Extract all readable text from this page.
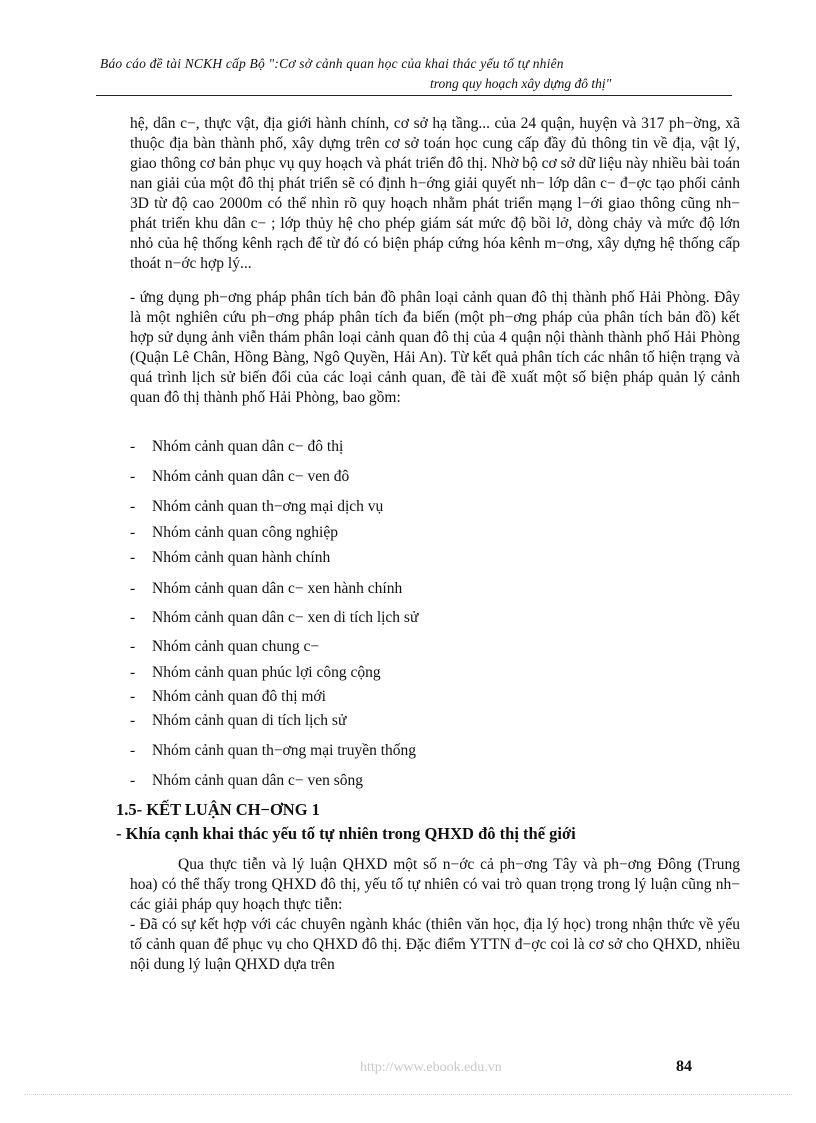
Báo cáo đề tài NCKH cấp Bộ ":Cơ sở cảnh quan học của khai thác yếu tố tự nhiên
trong quy hoạch xây dựng đô thị"

hệ, dân c−, thực vật, địa giới hành chính, cơ sở hạ tầng... của 24 quận, huyện và 317 ph−ờng, xã thuộc địa bàn thành phố, xây dựng trên cơ sở toán học cung cấp đầy đủ thông tin về địa, vật lý, giao thông cơ bản phục vụ quy hoạch và phát triển đô thị. Nhờ bộ cơ sở dữ liệu này nhiều bài toán nan giải của một đô thị phát triển sẽ có định h−ớng giải quyết nh− lớp dân c− đ−ợc tạo phối cảnh 3D từ độ cao 2000m có thể nhìn rõ quy hoạch nhằm phát triển mạng l−ới giao thông cũng nh− phát triển khu dân c− ; lớp thủy hệ cho phép giám sát mức độ bồi lở, dòng chảy và mức độ lớn nhỏ của hệ thống kênh rạch để từ đó có biện pháp cứng hóa kênh m−ơng, xây dựng hệ thống cấp thoát n−ớc hợp lý...

- ứng dụng ph−ơng pháp phân tích bản đồ phân loại cảnh quan đô thị thành phố Hải Phòng. Đây là một nghiên cứu ph−ơng pháp phân tích đa biến (một ph−ơng pháp của phân tích bản đồ) kết hợp sử dụng ảnh viễn thám phân loại cảnh quan đô thị của 4 quận nội thành thành phố Hải Phòng (Quận Lê Chân, Hồng Bàng, Ngô Quyền, Hải An). Từ kết quả phân tích các nhân tố hiện trạng và quá trình lịch sử biến đổi của các loại cảnh quan, đề tài đề xuất một số biện pháp quản lý cảnh quan đô thị thành phố Hải Phòng, bao gồm:

-	Nhóm cảnh quan dân c− đô thị
-	Nhóm cảnh quan dân c− ven đô
-	Nhóm cảnh quan th−ơng mại dịch vụ
-	Nhóm cảnh quan công nghiệp
-	Nhóm cảnh quan hành chính
-	Nhóm cảnh quan dân c− xen hành chính
-	Nhóm cảnh quan dân c− xen di tích lịch sử
-	Nhóm cảnh quan chung c−
-	Nhóm cảnh quan phúc lợi công cộng
-	Nhóm cảnh quan đô thị mới
-	Nhóm cảnh quan di tích lịch sử
-	Nhóm cảnh quan th−ơng mại truyền thống
-	Nhóm cảnh quan dân c− ven sông
1.5- KẾT LUẬN CH−ƠNG 1
- Khía cạnh khai thác yếu tố tự nhiên trong QHXD đô thị thế giới

Qua thực tiễn và lý luận QHXD một số n−ớc cả ph−ơng Tây và ph−ơng Đông (Trung hoa) có thể thấy trong QHXD đô thị, yếu tố tự nhiên có vai trò quan trọng trong lý luận cũng nh− các giải pháp quy hoạch thực tiễn:

- Đã có sự kết hợp với các chuyên ngành khác (thiên văn học, địa lý học) trong nhận thức về yếu tố cảnh quan để phục vụ cho QHXD đô thị. Đặc điểm YTTN đ−ợc coi là cơ sở cho QHXD, nhiều nội dung lý luận QHXD dựa trên

http://www.ebook.edu.vn	84
